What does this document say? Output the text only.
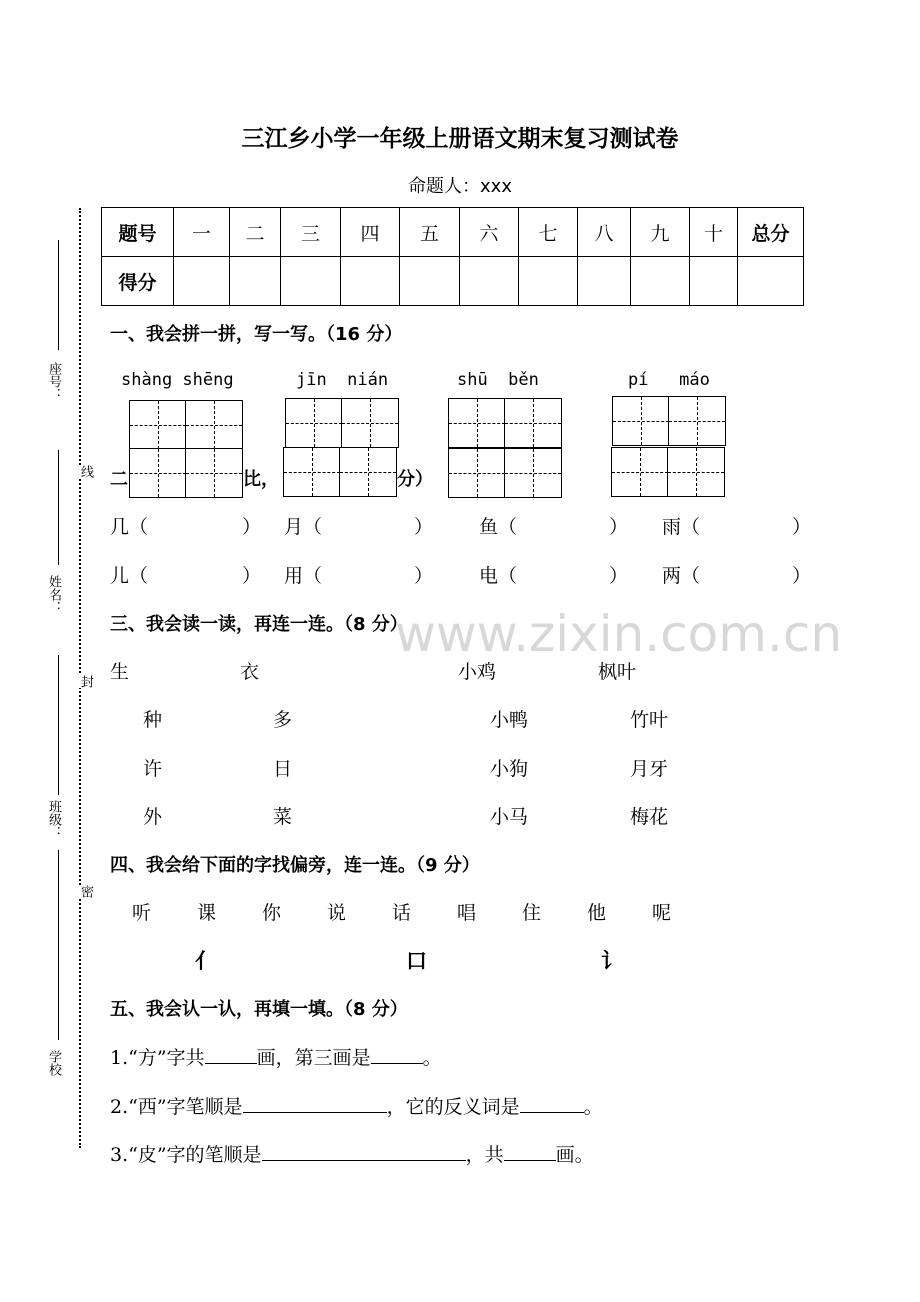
座号：
姓名：
班级：
学校
线
封
密
三江乡小学一年级上册语文期末复习测试卷
命题人：xxx
题号	一	二	三	四	五	六	七	八	九	十	总分
得分											
一、我会拼一拼，写一写。（16 分）
shàng shēng	jīn  nián	shū  běn	pí   máo
二	比，	分）
几（	） 月（	） 鱼（	） 雨（	）
儿（	） 用（	） 电（	） 两（	）
www.zixin.com.cn
三、我会读一读，再连一连。（8 分）
生	衣	小鸡	枫叶
种	多	小鸭	竹叶
许	日	小狗	月牙
外	菜	小马	梅花
四、我会给下面的字找偏旁，连一连。（9 分）
听 课 你 说 话 唱 住 他 呢
亻	口	讠
五、我会认一认，再填一填。（8 分）
1.“方”字共	画，第三画是	。
2.“西”字笔顺是	，它的反义词是	。
3.“皮”字的笔顺是	，共	画。
